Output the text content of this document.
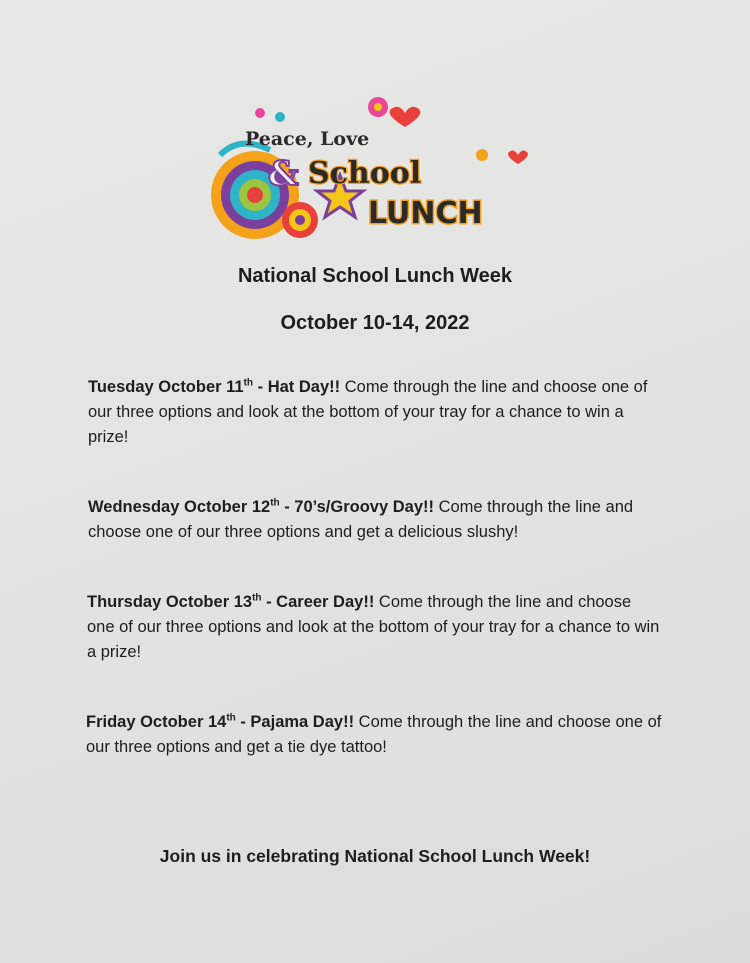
Peace, Love
& School
LUNCH
National School Lunch Week
October 10-14, 2022
Tuesday October 11th - Hat Day!! Come through the line and choose one of our three options and look at the bottom of your tray for a chance to win a prize!
Wednesday October 12th - 70’s/Groovy Day!! Come through the line and choose one of our three options and get a delicious slushy!
Thursday October 13th - Career Day!! Come through the line and choose one of our three options and look at the bottom of your tray for a chance to win a prize!
Friday October 14th - Pajama Day!! Come through the line and choose one of our three options and get a tie dye tattoo!
Join us in celebrating National School Lunch Week!
